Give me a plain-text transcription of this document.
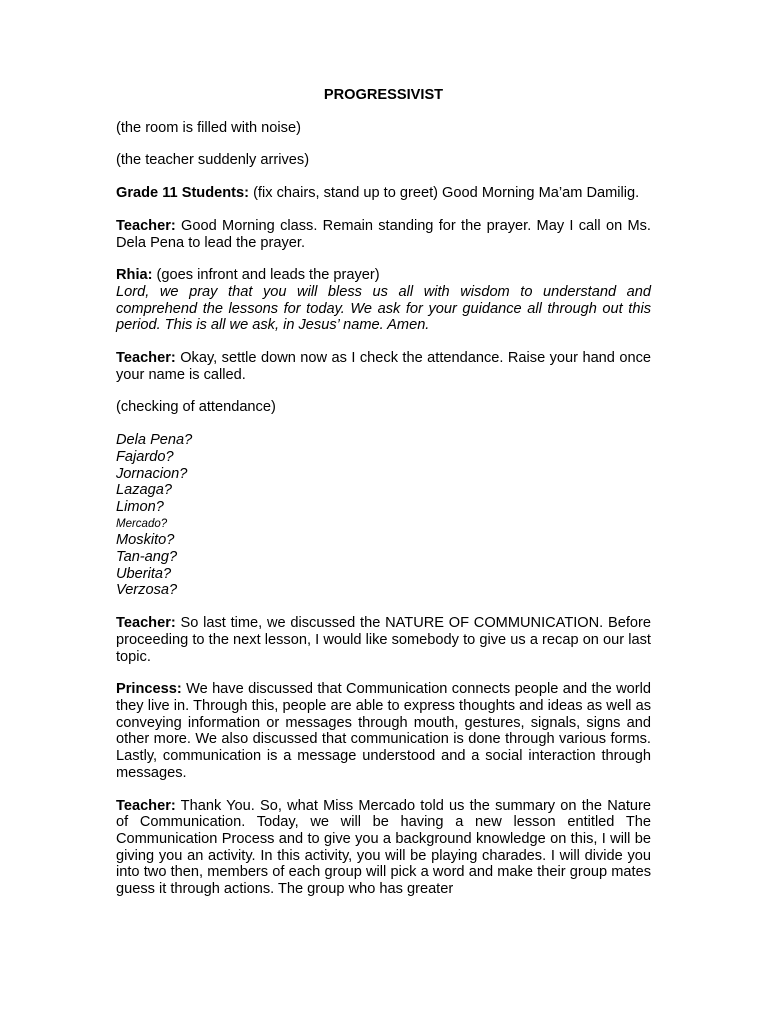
PROGRESSIVIST
(the room is filled with noise)
(the teacher suddenly arrives)
Grade 11 Students: (fix chairs, stand up to greet) Good Morning Ma’am Damilig.
Teacher: Good Morning class. Remain standing for the prayer. May I call on Ms. Dela Pena to lead the prayer.
Rhia: (goes infront and leads the prayer)
Lord, we pray that you will bless us all with wisdom to understand and comprehend the lessons for today. We ask for your guidance all through out this period. This is all we ask, in Jesus’ name. Amen.
Teacher: Okay, settle down now as I check the attendance. Raise your hand once your name is called.
(checking of attendance)
Dela Pena?
Fajardo?
Jornacion?
Lazaga?
Limon?
Mercado?
Moskito?
Tan-ang?
Uberita?
Verzosa?
Teacher: So last time, we discussed the NATURE OF COMMUNICATION. Before proceeding to the next lesson, I would like somebody to give us a recap on our last topic.
Princess: We have discussed that Communication connects people and the world they live in. Through this, people are able to express thoughts and ideas as well as conveying information or messages through mouth, gestures, signals, signs and other more. We also discussed that communication is done through various forms. Lastly, communication is a message understood and a social interaction through messages.
Teacher: Thank You. So, what Miss Mercado told us the summary on the Nature of Communication. Today, we will be having a new lesson entitled The Communication Process and to give you a background knowledge on this, I will be giving you an activity. In this activity, you will be playing charades. I will divide you into two then, members of each group will pick a word and make their group mates guess it through actions. The group who has greater
